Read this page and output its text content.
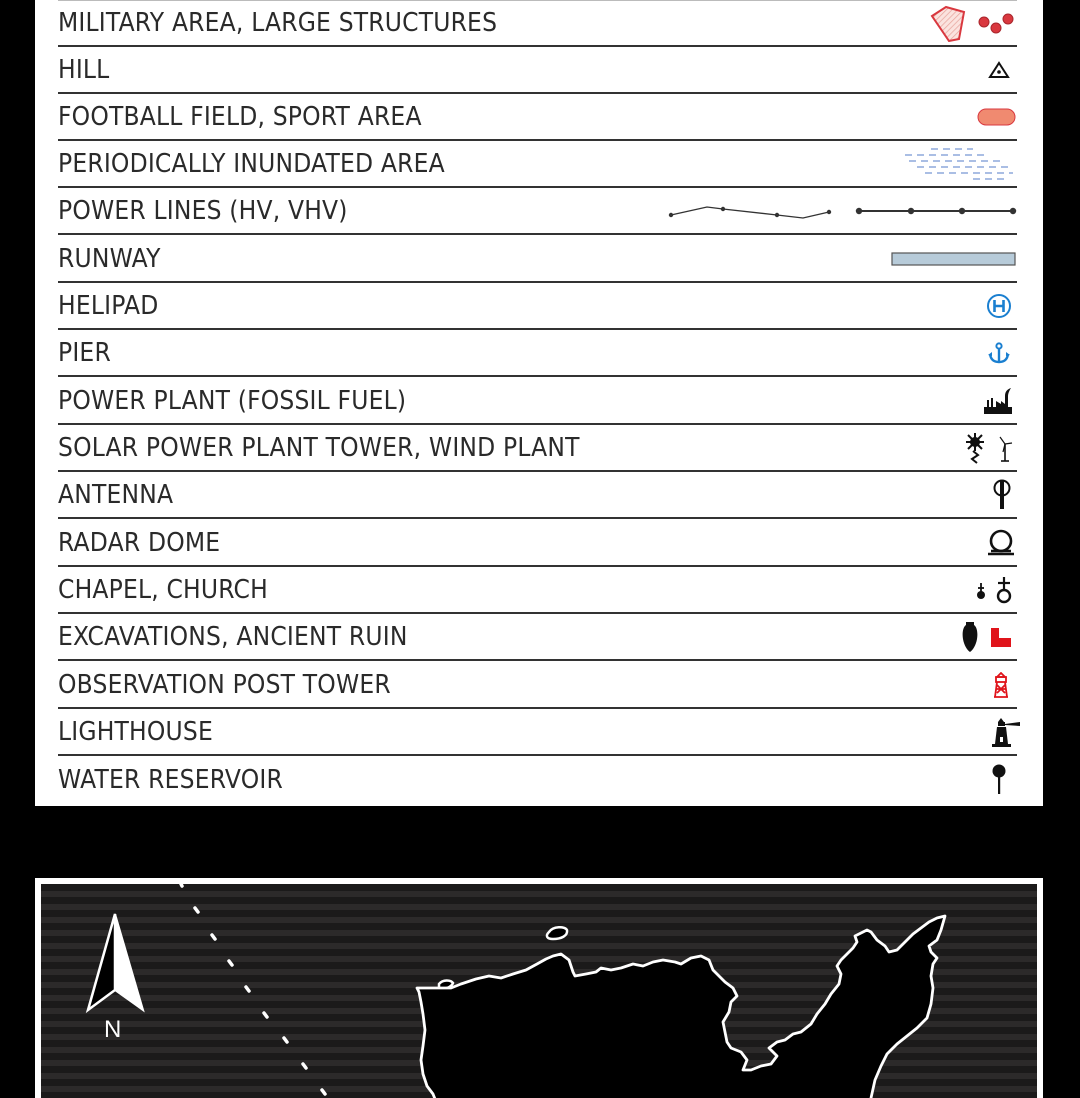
MILITARY AREA, LARGE STRUCTURES
HILL
FOOTBALL FIELD, SPORT AREA
PERIODICALLY INUNDATED AREA
POWER LINES (HV, VHV)
RUNWAY
HELIPAD
PIER
POWER PLANT (FOSSIL FUEL)
SOLAR POWER PLANT TOWER, WIND PLANT
ANTENNA
RADAR DOME
CHAPEL, CHURCH
EXCAVATIONS, ANCIENT RUIN
OBSERVATION POST TOWER
LIGHTHOUSE
WATER RESERVOIR
N
